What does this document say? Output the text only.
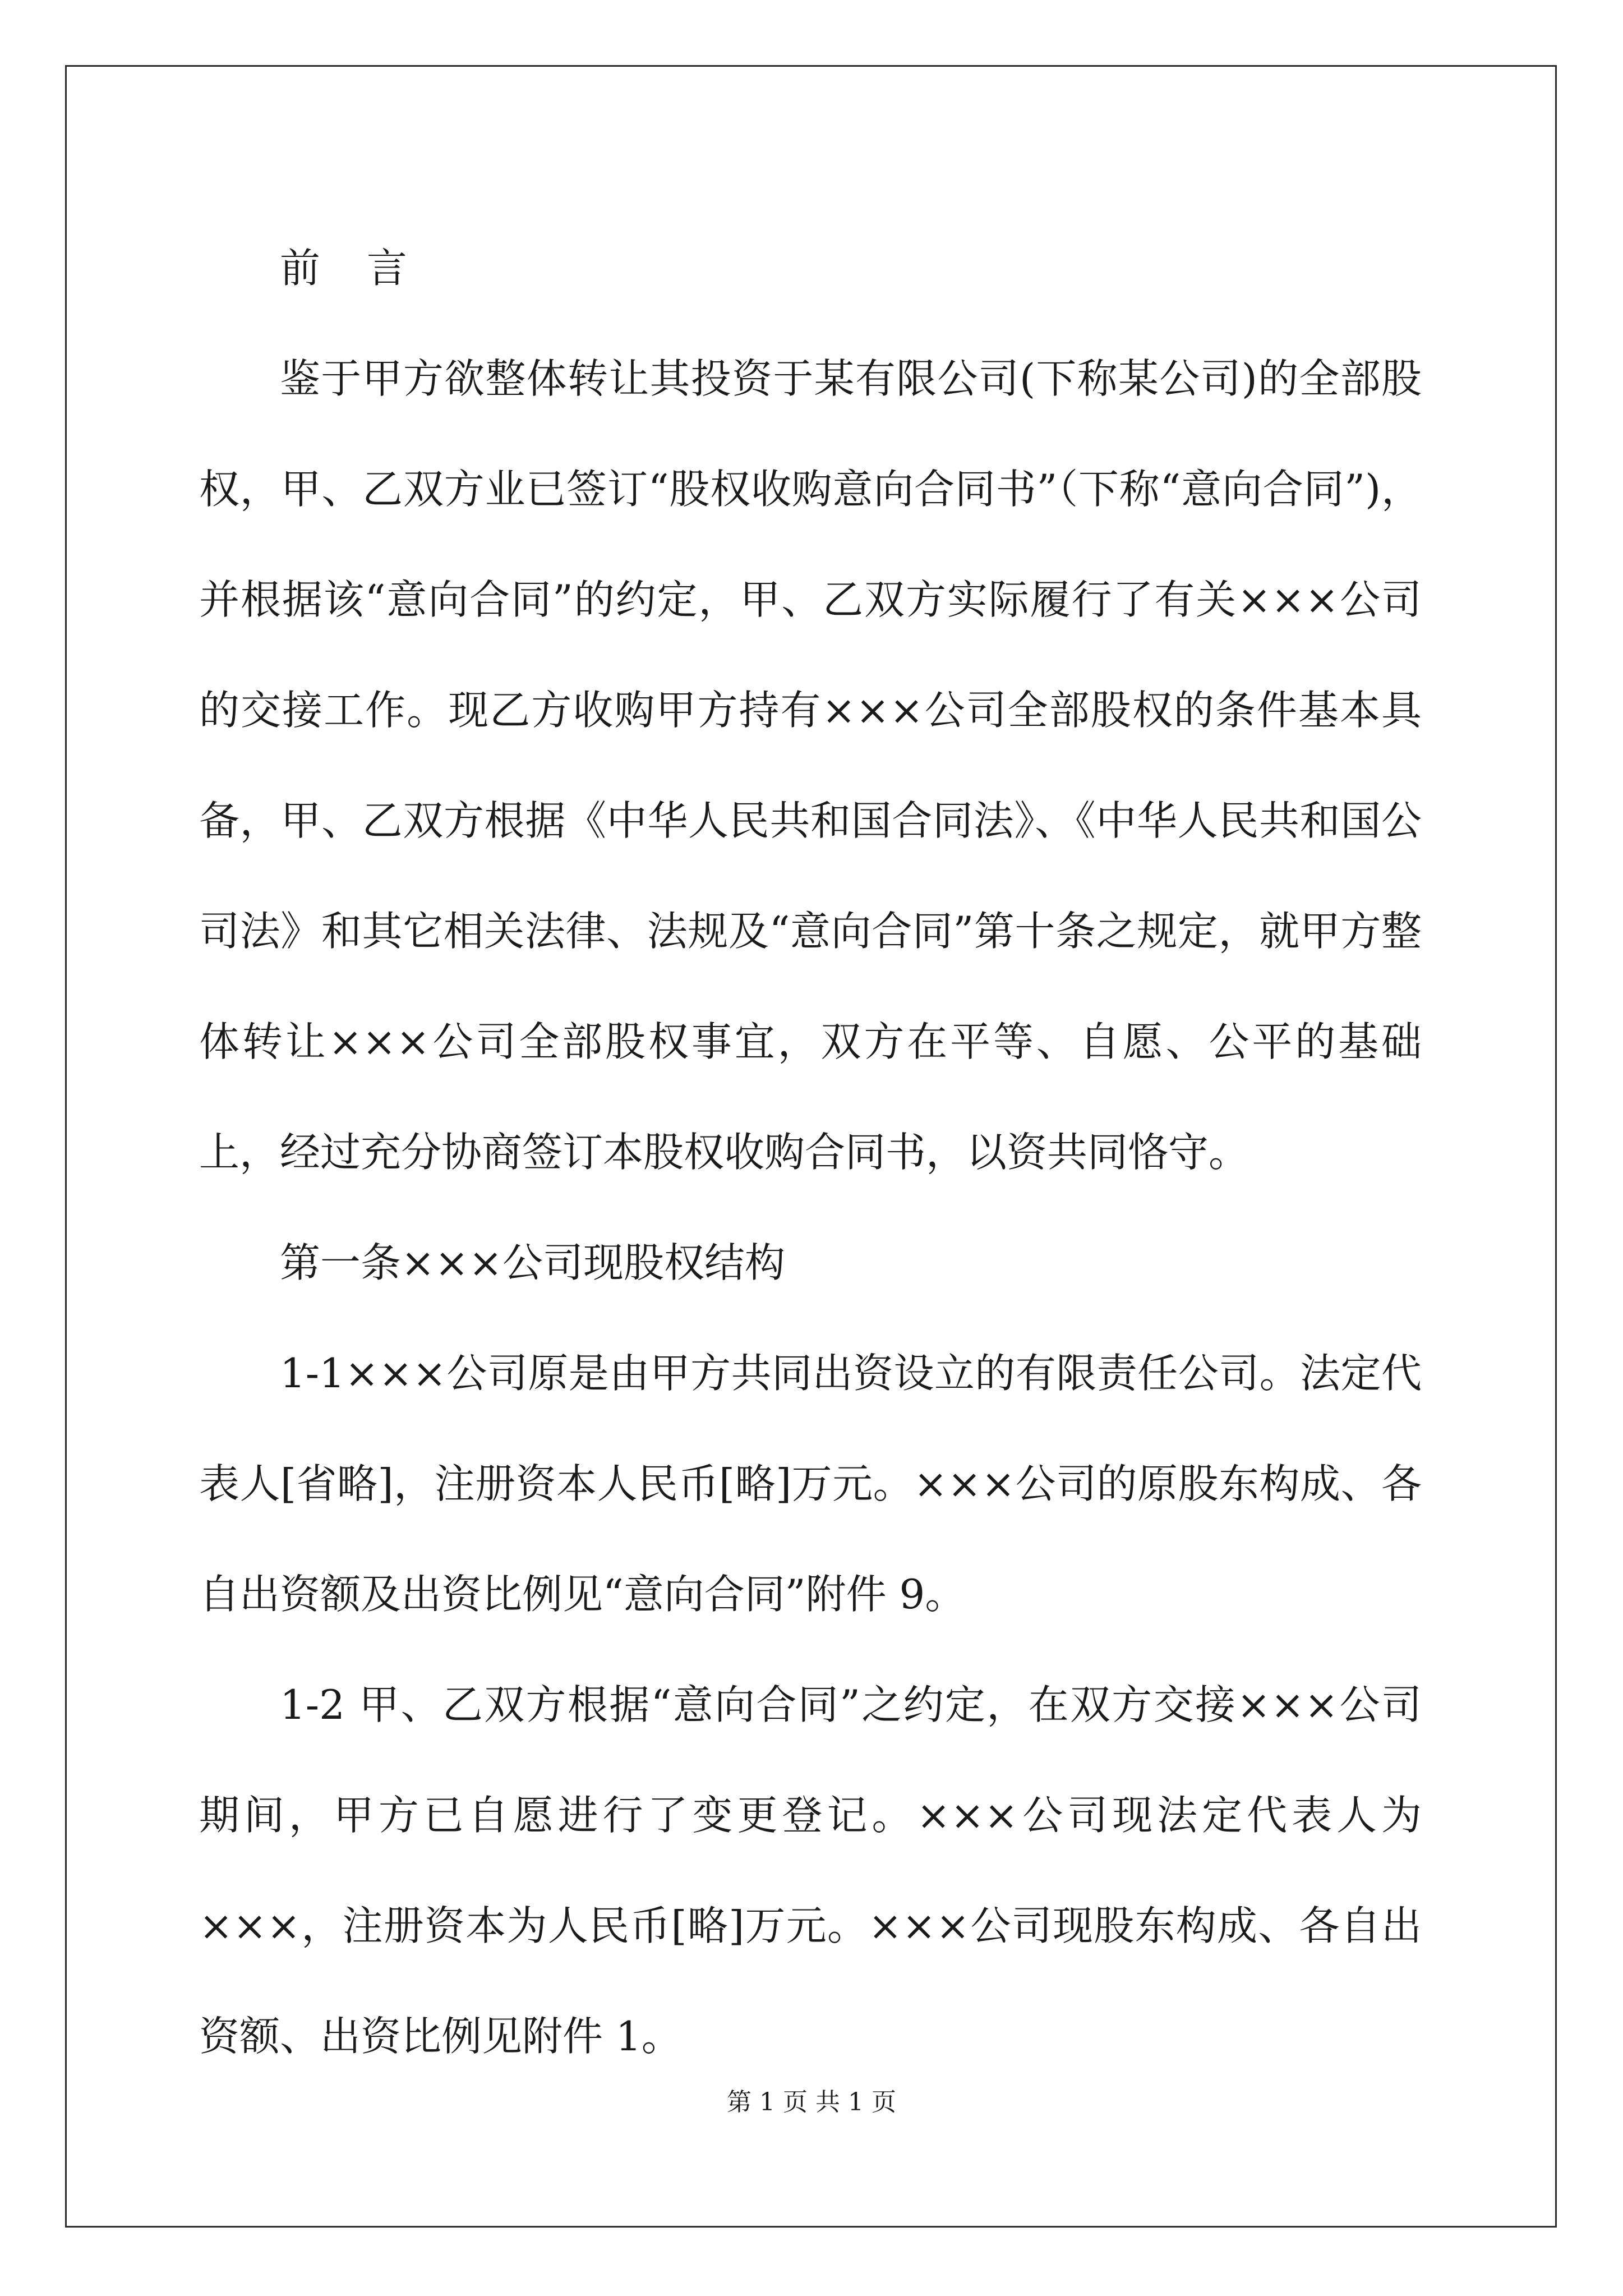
前 言

鉴于甲方欲整体转让其投资于某有限公司(下称某公司)的全部股权，甲、乙双方业已签订“股权收购意向合同书”（下称“意向合同”)，并根据该“意向合同”的约定，甲、乙双方实际履行了有关×××公司的交接工作。现乙方收购甲方持有×××公司全部股权的条件基本具备，甲、乙双方根据《中华人民共和国合同法》、《中华人民共和国公司法》和其它相关法律、法规及“意向合同”第十条之规定，就甲方整体转让×××公司全部股权事宜，双方在平等、自愿、公平的基础上，经过充分协商签订本股权收购合同书，以资共同恪守。

第一条×××公司现股权结构

1-1×××公司原是由甲方共同出资设立的有限责任公司。法定代表人[省略]，注册资本人民币[略]万元。×××公司的原股东构成、各自出资额及出资比例见“意向合同”附件 9。

1-2 甲、乙双方根据“意向合同”之约定，在双方交接×××公司期间，甲方已自愿进行了变更登记。×××公司现法定代表人为×××，注册资本为人民币[略]万元。×××公司现股东构成、各自出资额、出资比例见附件 1。

第 1 页 共 1 页
